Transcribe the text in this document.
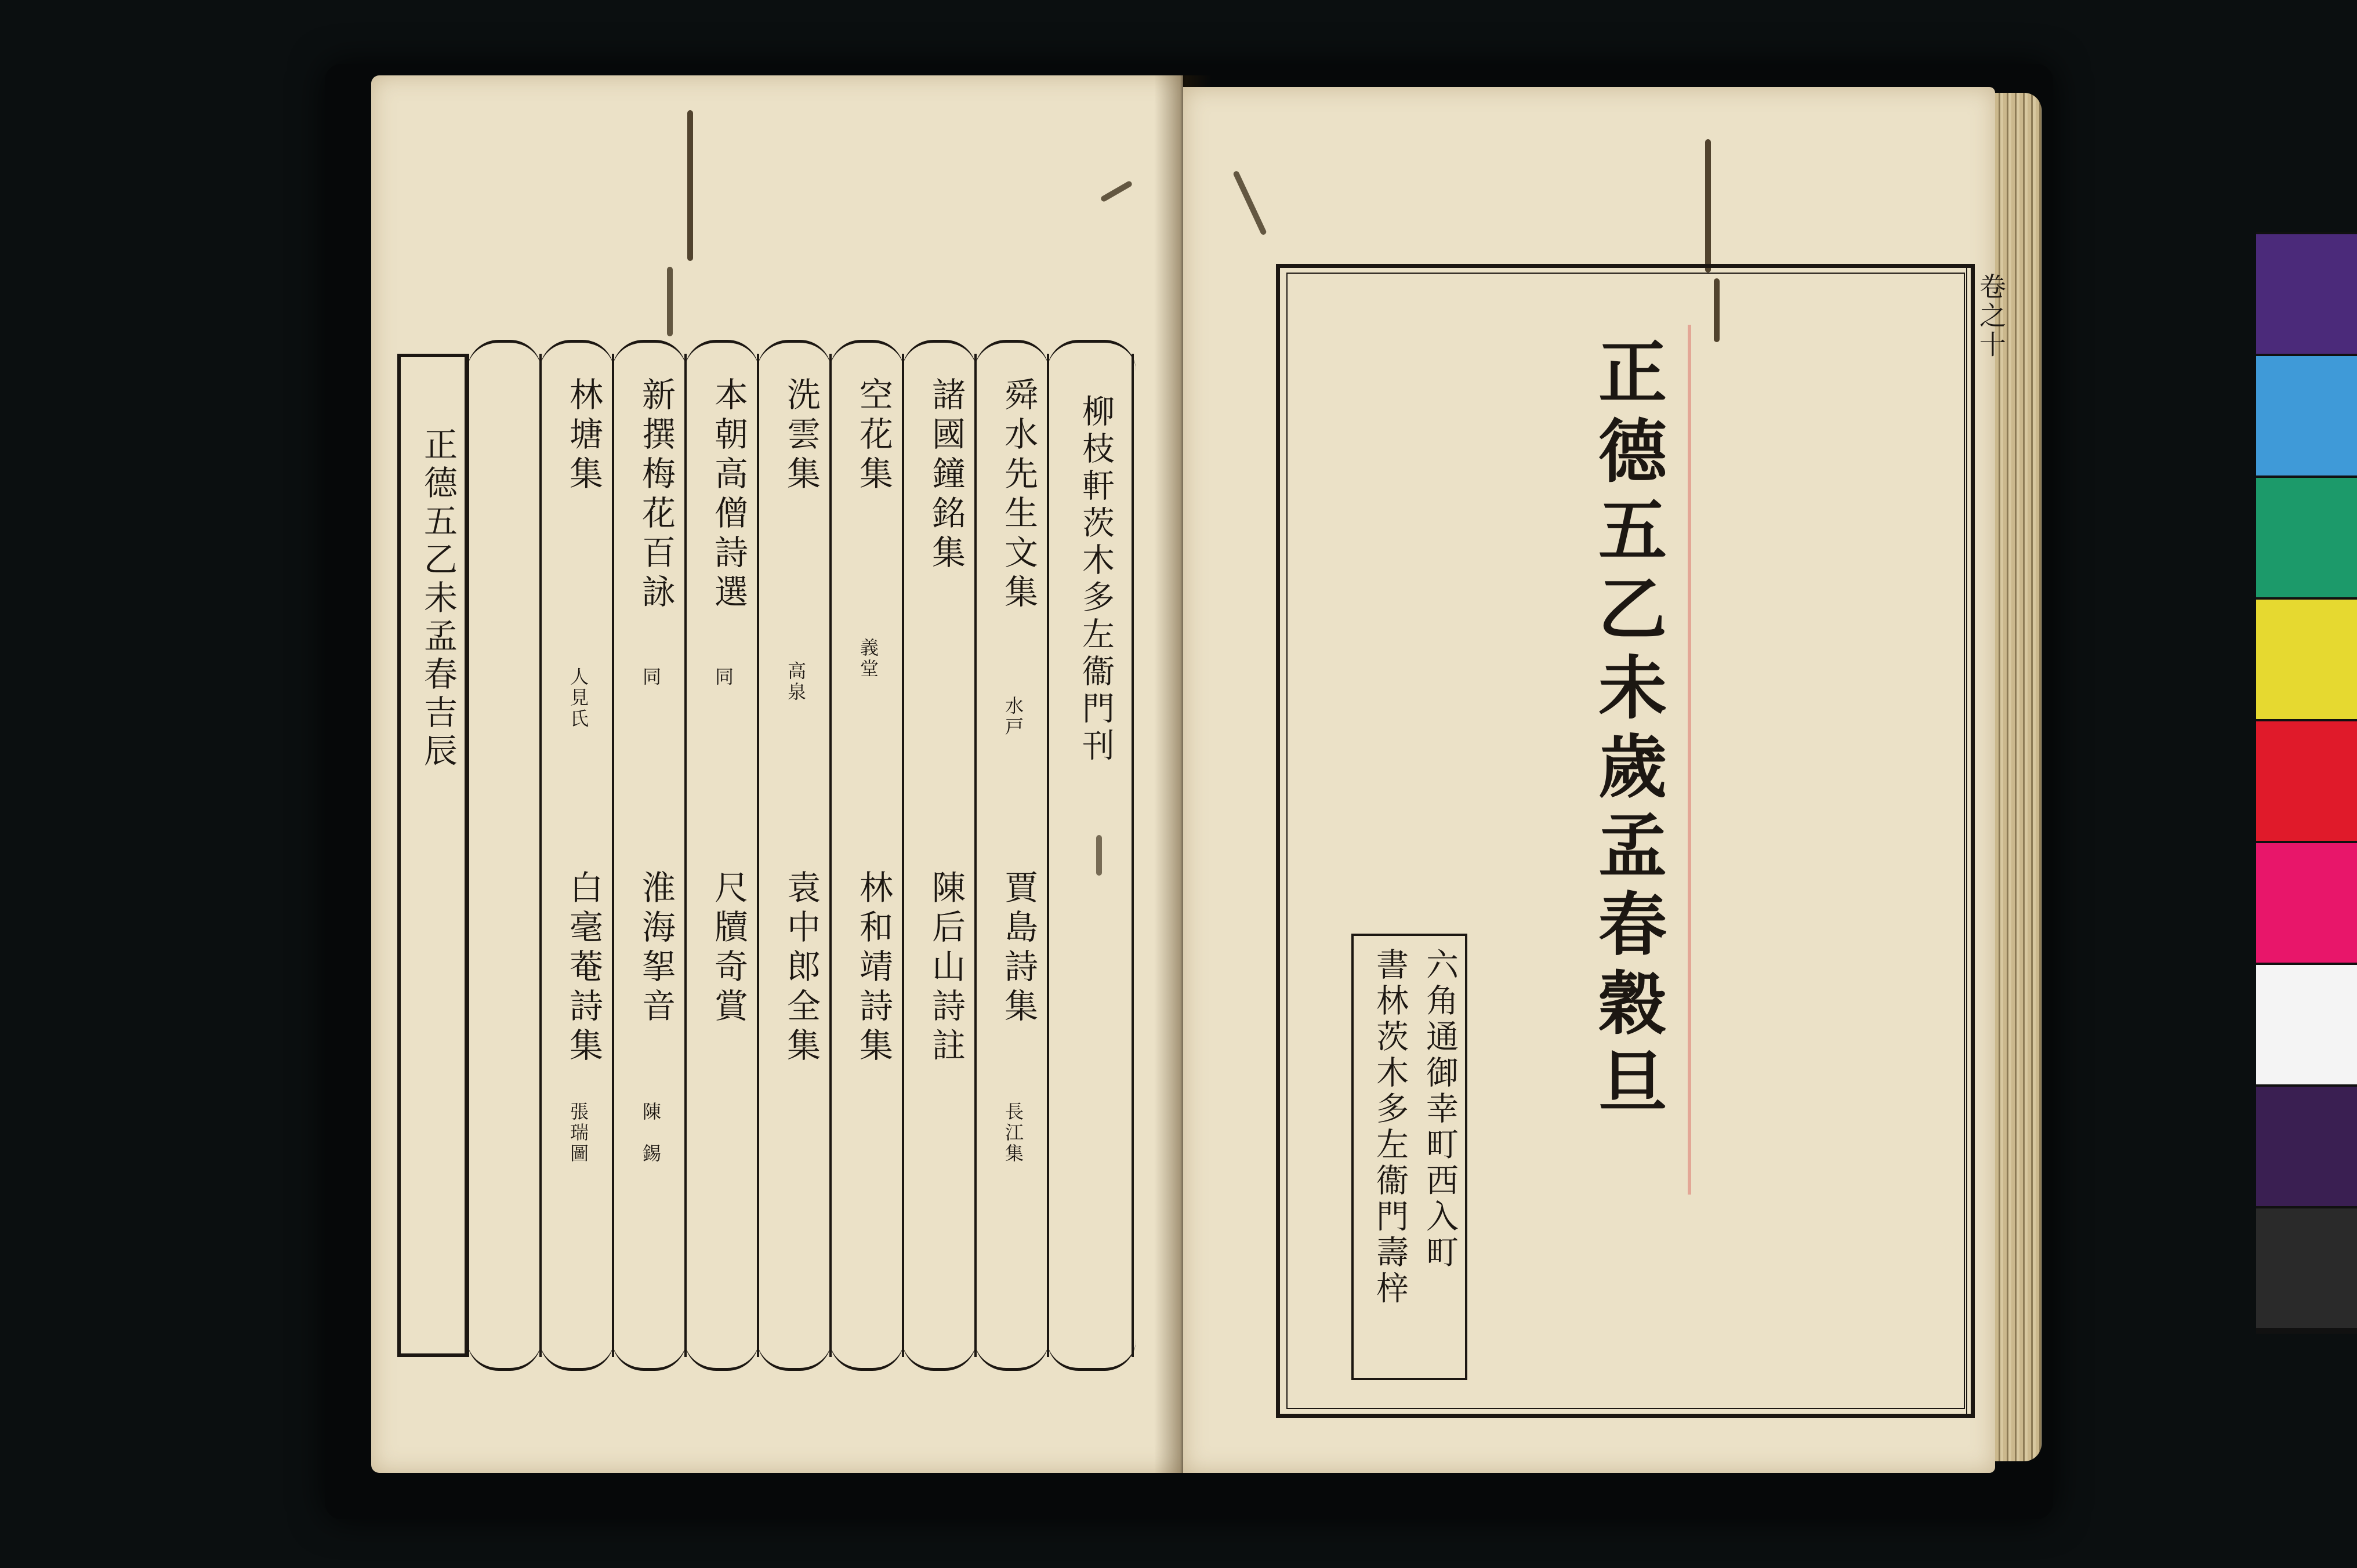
正德五乙未孟春吉辰	林塘集
人見氏
白毫菴詩集
張瑞圖
新撰梅花百詠
同
淮海挐音
陳　錫
本朝高僧詩選
同
尺牘奇賞
洗雲集
高泉
袁中郎全集
空花集
義堂
林和靖詩集
諸國鐘銘集
陳后山詩註
舜水先生文集
水戸
賈島詩集
長江集
柳枝軒茨木多左衞門刊
卷之十
正德五乙未歲孟春穀旦
六角通御幸町西入町
書林茨木多左衞門壽梓
